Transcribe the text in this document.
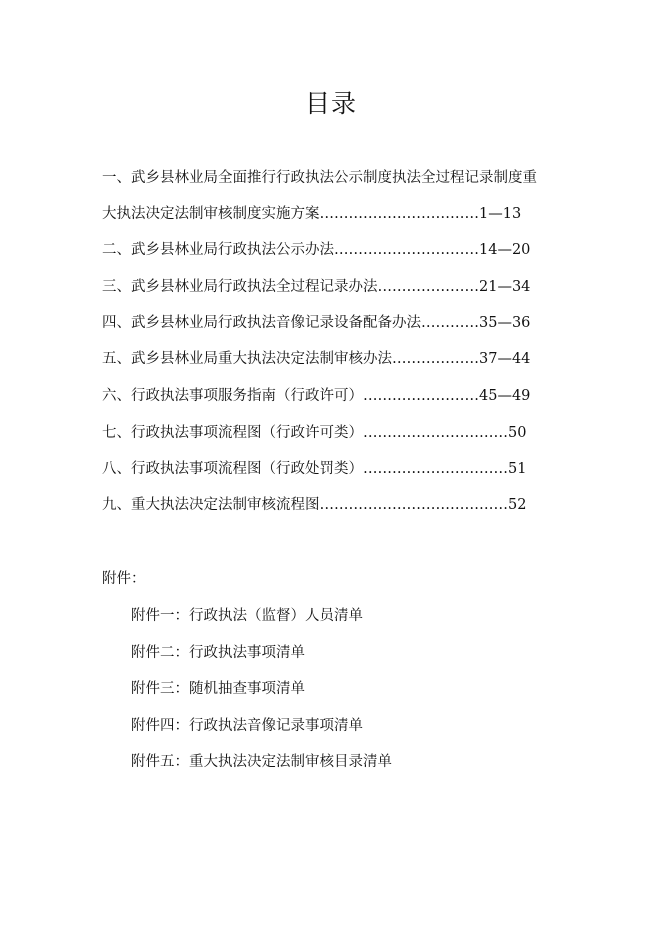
目录
一、武乡县林业局全面推行行政执法公示制度执法全过程记录制度重
大执法决定法制审核制度实施方案……………………………1—13
二、武乡县林业局行政执法公示办法…………………………14—20
三、武乡县林业局行政执法全过程记录办法…………………21—34
四、武乡县林业局行政执法音像记录设备配备办法…………35—36
五、武乡县林业局重大执法决定法制审核办法………………37—44
六、行政执法事项服务指南（行政许可）……………………45—49
七、行政执法事项流程图（行政许可类）…………………………50
八、行政执法事项流程图（行政处罚类）…………………………51
九、重大执法决定法制审核流程图…………………………………52
附件：
附件一：行政执法（监督）人员清单
附件二：行政执法事项清单
附件三：随机抽查事项清单
附件四：行政执法音像记录事项清单
附件五：重大执法决定法制审核目录清单
